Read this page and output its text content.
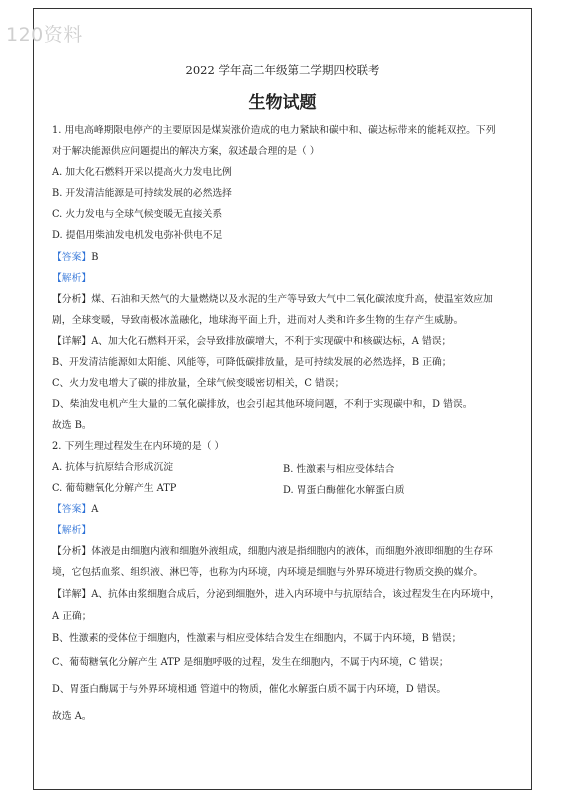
120资料
2022 学年高二年级第二学期四校联考
生物试题
1. 用电高峰期限电停产的主要原因是煤炭涨价造成的电力紧缺和碳中和、碳达标带来的能耗双控。下列
对于解决能源供应问题提出的解决方案，叙述最合理的是（ ）
A. 加大化石燃料开采以提高火力发电比例
B. 开发清洁能源是可持续发展的必然选择
C. 火力发电与全球气候变暖无直接关系
D. 提倡用柴油发电机发电弥补供电不足
【答案】B
【解析】
【分析】煤、石油和天然气的大量燃烧以及水泥的生产等导致大气中二氧化碳浓度升高，使温室效应加
剧，全球变暖，导致南极冰盖融化，地球海平面上升，进而对人类和许多生物的生存产生威胁。
【详解】A、加大化石燃料开采，会导致排放碳增大，不利于实现碳中和核碳达标，A 错误；
B、开发清洁能源如太阳能、风能等，可降低碳排放量，是可持续发展的必然选择，B 正确；
C、火力发电增大了碳的排放量，全球气候变暖密切相关，C 错误；
D、柴油发电机产生大量的二氧化碳排放，也会引起其他环境问题，不利于实现碳中和，D 错误。
故选 B。
2. 下列生理过程发生在内环境的是（ ）
A. 抗体与抗原结合形成沉淀	B. 性激素与相应受体结合
C. 葡萄糖氧化分解产生 ATP	D. 胃蛋白酶催化水解蛋白质
【答案】A
【解析】
【分析】体液是由细胞内液和细胞外液组成，细胞内液是指细胞内的液体，而细胞外液即细胞的生存环
境，它包括血浆、组织液、淋巴等，也称为内环境，内环境是细胞与外界环境进行物质交换的媒介。
【详解】A、抗体由浆细胞合成后，分泌到细胞外，进入内环境中与抗原结合，该过程发生在内环境中，
A 正确；
B、性激素的受体位于细胞内，性激素与相应受体结合发生在细胞内，不属于内环境，B 错误；
C、葡萄糖氧化分解产生 ATP 是细胞呼吸的过程，发生在细胞内，不属于内环境，C 错误；
D、胃蛋白酶属于与外界环境相通 管道中的物质，催化水解蛋白质不属于内环境，D 错误。
故选 A。
